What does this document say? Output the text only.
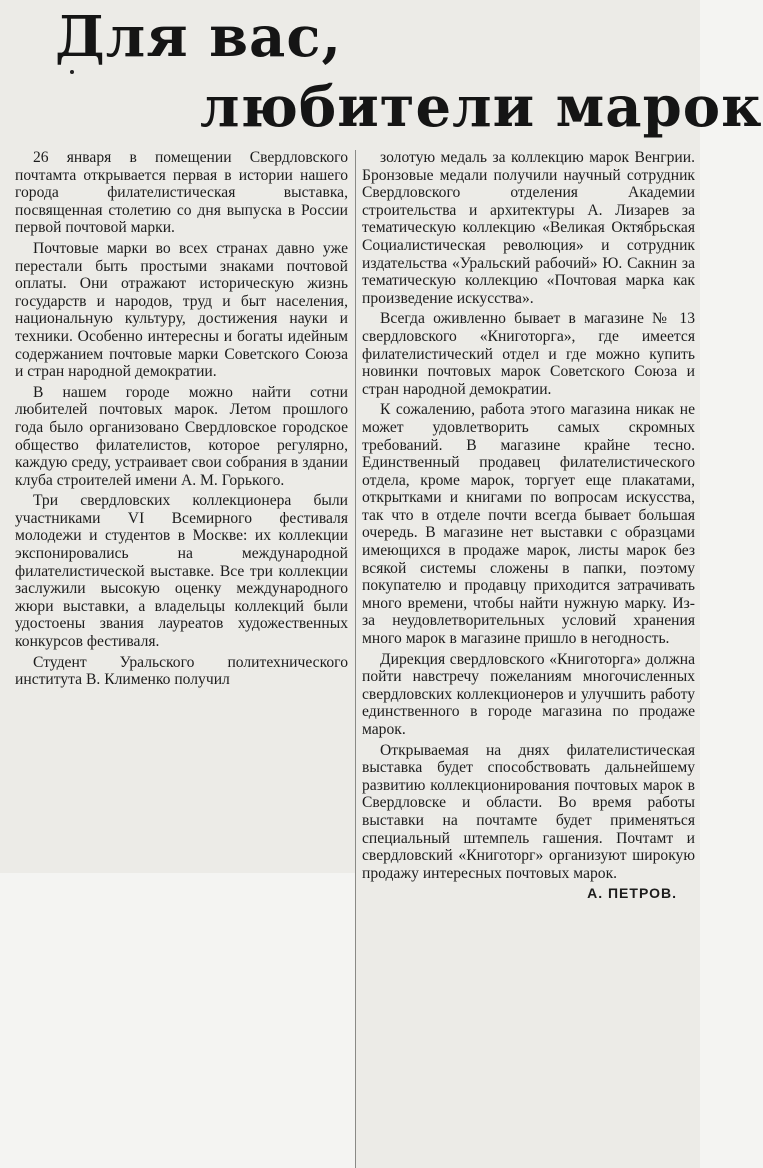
Для вас,
любители марок

26 января в помещении Свердловского почтамта открывается первая в истории нашего города филателистическая выставка, посвященная столетию со дня выпуска в России первой почтовой марки.

Почтовые марки во всех странах давно уже перестали быть простыми знаками почтовой оплаты. Они отражают историческую жизнь государств и народов, труд и быт населения, национальную культуру, достижения науки и техники. Особенно интересны и богаты идейным содержанием почтовые марки Советского Союза и стран народной демократии.

В нашем городе можно найти сотни любителей почтовых марок. Летом прошлого года было организовано Свердловское городское общество филателистов, которое регулярно, каждую среду, устраивает свои собрания в здании клуба строителей имени А. М. Горького.

Три свердловских коллекционера были участниками VI Всемирного фестиваля молодежи и студентов в Москве: их коллекции экспонировались на международной филателистической выставке. Все три коллекции заслужили высокую оценку международного жюри выставки, а владельцы коллекций были удостоены звания лауреатов художественных конкурсов фестиваля.

Студент Уральского политехнического института В. Клименко получил

золотую медаль за коллекцию марок Венгрии. Бронзовые медали получили научный сотрудник Свердловского отделения Академии строительства и архитектуры А. Лизарев за тематическую коллекцию «Великая Октябрьская Социалистическая революция» и сотрудник издательства «Уральский рабочий» Ю. Сакнин за тематическую коллекцию «Почтовая марка как произведение искусства».

Всегда оживленно бывает в магазине № 13 свердловского «Книготорга», где имеется филателистический отдел и где можно купить новинки почтовых марок Советского Союза и стран народной демократии.

К сожалению, работа этого магазина никак не может удовлетворить самых скромных требований. В магазине крайне тесно. Единственный продавец филателистического отдела, кроме марок, торгует еще плакатами, открытками и книгами по вопросам искусства, так что в отделе почти всегда бывает большая очередь. В магазине нет выставки с образцами имеющихся в продаже марок, листы марок без всякой системы сложены в папки, поэтому покупателю и продавцу приходится затрачивать много времени, чтобы найти нужную марку. Из-за неудовлетворительных условий хранения много марок в магазине пришло в негодность.

Дирекция свердловского «Книготорга» должна пойти навстречу пожеланиям многочисленных свердловских коллекционеров и улучшить работу единственного в городе магазина по продаже марок.

Открываемая на днях филателистическая выставка будет способствовать дальнейшему развитию коллекционирования почтовых марок в Свердловске и области. Во время работы выставки на почтамте будет применяться специальный штемпель гашения. Почтамт и свердловский «Книготорг» организуют широкую продажу интересных почтовых марок.

А. ПЕТРОВ.
